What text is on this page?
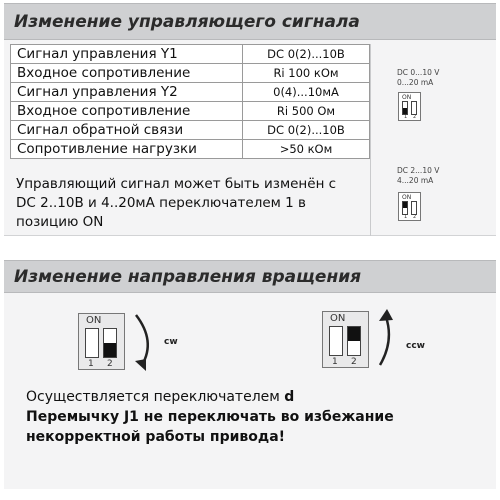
Изменение управляющего сигнала
Сигнал управления Y1	DC 0(2)...10В
Входное сопротивление	Ri 100 кОм
Сигнал управления Y2	0(4)...10мА
Входное сопротивление	Ri 500 Ом
Сигнал обратной связи	DC 0(2)...10В
Сопротивление нагрузки	>50 кОм
Управляющий сигнал может быть изменён с
DC 2..10В и 4..20мА переключателем 1 в
позицию ON
DC 0...10 V
0...20 mA
ON
1 2
DC 2...10 V
4...20 mA
ON
1 2
Изменение направления вращения
ON
1 2
cw
ON
1 2
ccw
Осуществляется переключателем d
Перемычку J1 не переключать во избежание
некорректной работы привода!
